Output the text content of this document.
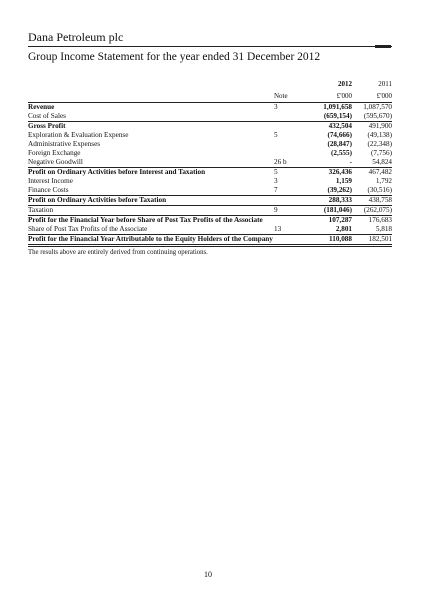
Dana Petroleum plc
Group Income Statement for the year ended 31 December 2012
		2012	2011
	Note	£'000	£'000
Revenue	3	1,091,658	1,087,570
Cost of Sales		(659,154)	(595,670)
Gross Profit		432,504	491,900
Exploration & Evaluation Expense	5	(74,666)	(49,138)
Administrative Expenses		(28,847)	(22,348)
Foreign Exchange		(2,555)	(7,756)
Negative Goodwill	26 b	-	54,824
Profit on Ordinary Activities before Interest and Taxation	5	326,436	467,482
Interest Income	3	1,159	1,792
Finance Costs	7	(39,262)	(30,516)
Profit on Ordinary Activities before Taxation		288,333	438,758
Taxation	9	(181,046)	(262,075)
Profit for the Financial Year before Share of Post Tax Profits of the Associate		107,287	176,683
Share of Post Tax Profits of the Associate	13	2,801	5,818
Profit for the Financial Year Attributable to the Equity Holders of the Company		110,088	182,501
The results above are entirely derived from continuing operations.
10
